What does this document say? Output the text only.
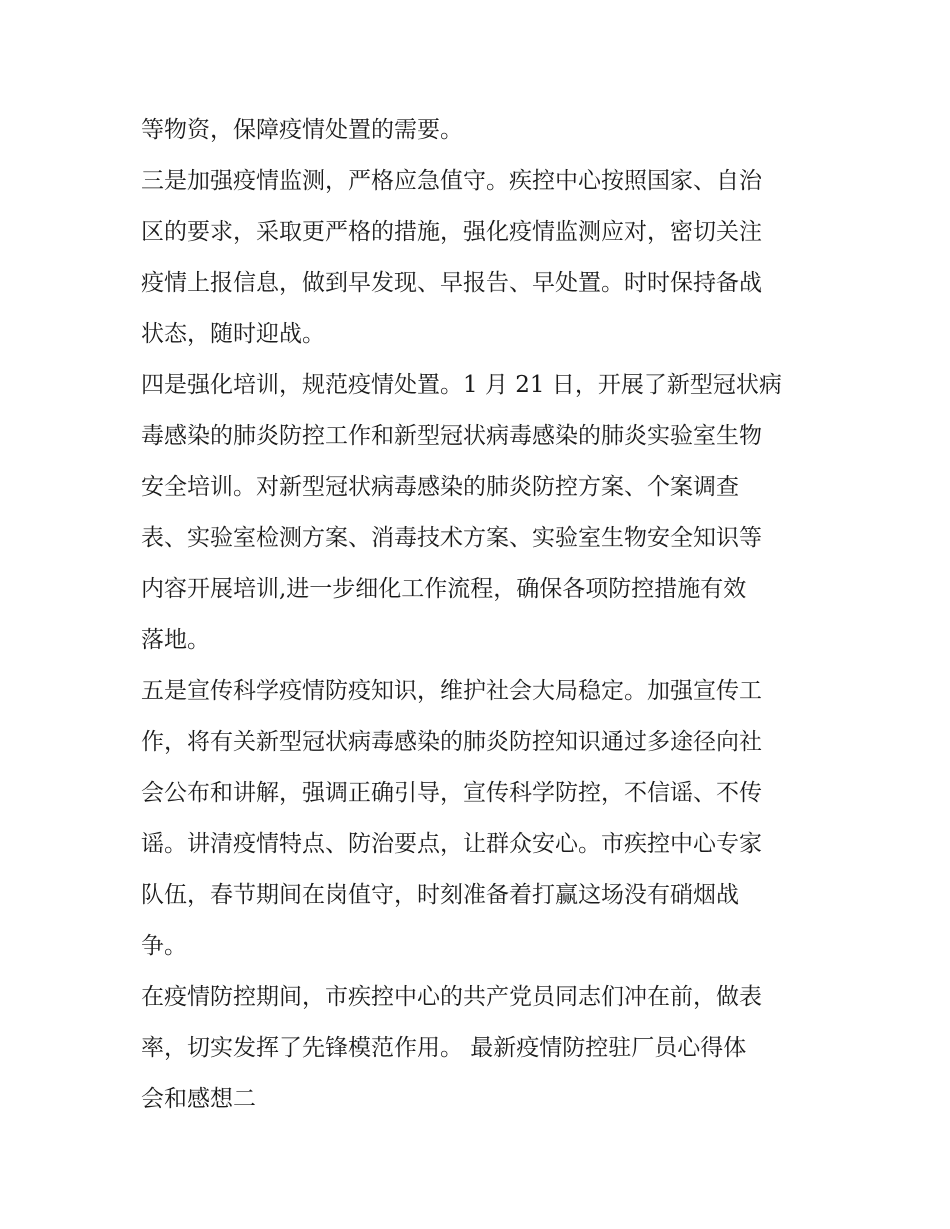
等物资，保障疫情处置的需要。
三是加强疫情监测，严格应急值守。疾控中心按照国家、自治
区的要求，采取更严格的措施，强化疫情监测应对，密切关注
疫情上报信息，做到早发现、早报告、早处置。时时保持备战
状态，随时迎战。
四是强化培训，规范疫情处置。1 月 21 日，开展了新型冠状病
毒感染的肺炎防控工作和新型冠状病毒感染的肺炎实验室生物
安全培训。对新型冠状病毒感染的肺炎防控方案、个案调查
表、实验室检测方案、消毒技术方案、实验室生物安全知识等
内容开展培训,进一步细化工作流程，确保各项防控措施有效
落地。
五是宣传科学疫情防疫知识，维护社会大局稳定。加强宣传工
作，将有关新型冠状病毒感染的肺炎防控知识通过多途径向社
会公布和讲解，强调正确引导，宣传科学防控，不信谣、不传
谣。讲清疫情特点、防治要点，让群众安心。市疾控中心专家
队伍，春节期间在岗值守，时刻准备着打赢这场没有硝烟战
争。
在疫情防控期间，市疾控中心的共产党员同志们冲在前，做表
率，切实发挥了先锋模范作用。 最新疫情防控驻厂员心得体
会和感想二
